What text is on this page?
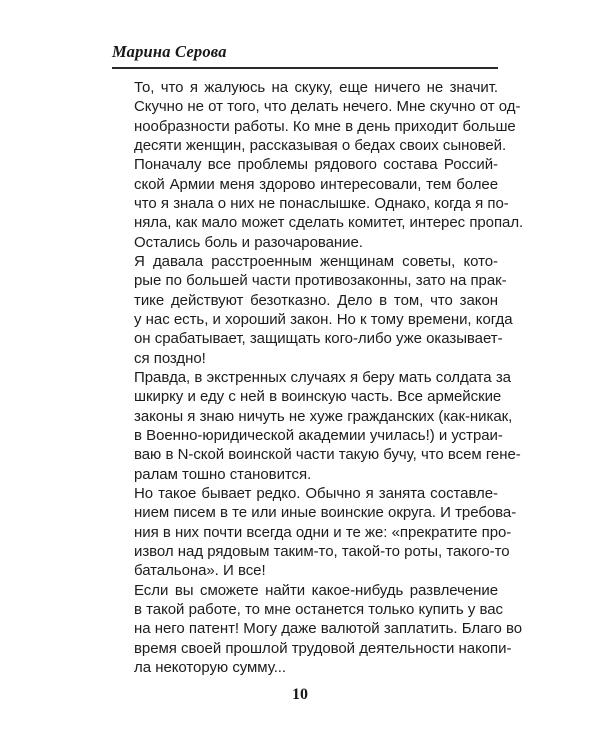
Марина Серова

То, что я жалуюсь на скуку, еще ничего не значит.
Скучно не от того, что делать нечего. Мне скучно от од-
нообразности работы. Ко мне в день приходит больше
десяти женщин, рассказывая о бедах своих сыновей.

Поначалу все проблемы рядового состава Россий-
ской Армии меня здорово интересовали, тем более
что я знала о них не понаслышке. Однако, когда я по-
няла, как мало может сделать комитет, интерес пропал.
Остались боль и разочарование.

Я давала расстроенным женщинам советы, кото-
рые по большей части противозаконны, зато на прак-
тике действуют безотказно. Дело в том, что закон
у нас есть, и хороший закон. Но к тому времени, когда
он срабатывает, защищать кого-либо уже оказывает-
ся поздно!

Правда, в экстренных случаях я беру мать солдата за
шкирку и еду с ней в воинскую часть. Все армейские
законы я знаю ничуть не хуже гражданских (как-никак,
в Военно-юридической академии училась!) и устраи-
ваю в N-ской воинской части такую бучу, что всем гене-
ралам тошно становится.

Но такое бывает редко. Обычно я занята составле-
нием писем в те или иные воинские округа. И требова-
ния в них почти всегда одни и те же: «прекратите про-
извол над рядовым таким-то, такой-то роты, такого-то
батальона». И все!

Если вы сможете найти какое-нибудь развлечение
в такой работе, то мне останется только купить у вас
на него патент! Могу даже валютой заплатить. Благо во
время своей прошлой трудовой деятельности накопи-
ла некоторую сумму...

10
